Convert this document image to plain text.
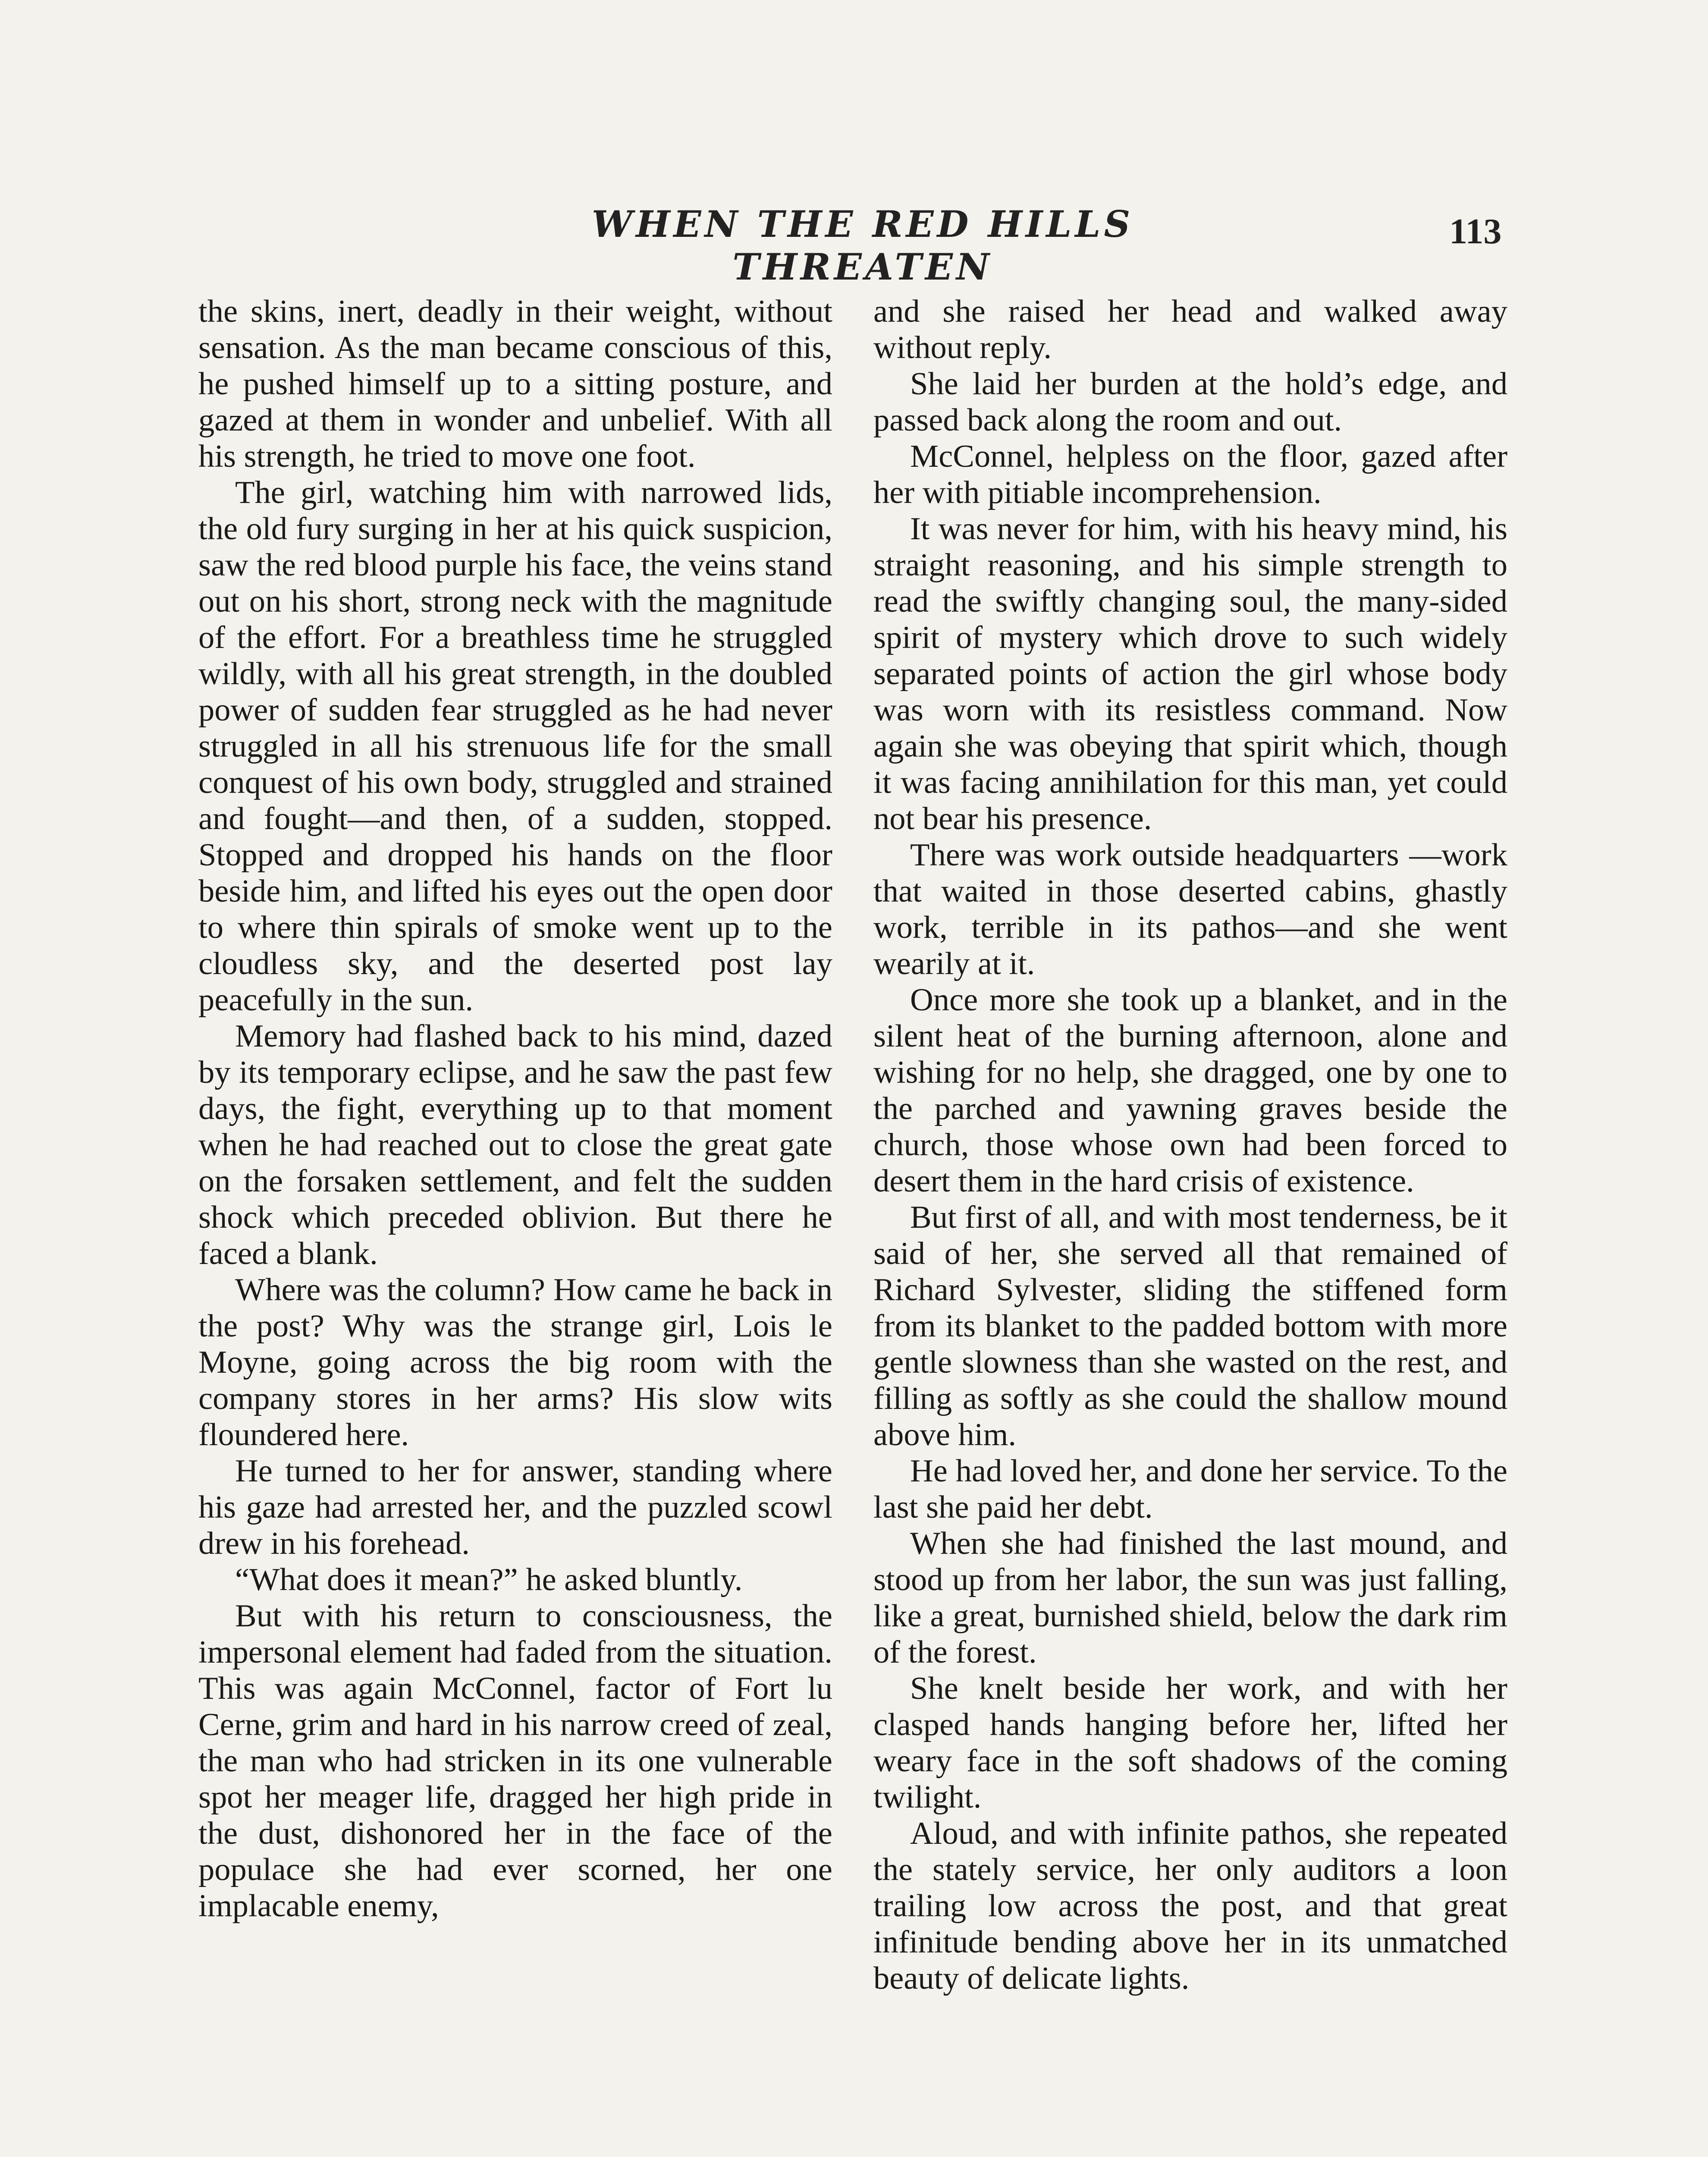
WHEN THE RED HILLS THREATEN
113

the skins, inert, deadly in their weight, without sensation. As the man became conscious of this, he pushed himself up to a sitting posture, and gazed at them in wonder and unbelief. With all his strength, he tried to move one foot.

The girl, watching him with narrowed lids, the old fury surging in her at his quick suspicion, saw the red blood purple his face, the veins stand out on his short, strong neck with the magnitude of the effort. For a breathless time he struggled wildly, with all his great strength, in the doubled power of sudden fear struggled as he had never struggled in all his strenuous life for the small conquest of his own body, struggled and strained and fought—and then, of a sudden, stopped. Stopped and dropped his hands on the floor beside him, and lifted his eyes out the open door to where thin spirals of smoke went up to the cloudless sky, and the deserted post lay peacefully in the sun.

Memory had flashed back to his mind, dazed by its temporary eclipse, and he saw the past few days, the fight, everything up to that moment when he had reached out to close the great gate on the forsaken settlement, and felt the sudden shock which preceded oblivion. But there he faced a blank.

Where was the column? How came he back in the post? Why was the strange girl, Lois le Moyne, going across the big room with the company stores in her arms? His slow wits floundered here.

He turned to her for answer, standing where his gaze had arrested her, and the puzzled scowl drew in his forehead.

“What does it mean?” he asked bluntly.

But with his return to consciousness, the impersonal element had faded from the situation. This was again McConnel, factor of Fort lu Cerne, grim and hard in his narrow creed of zeal, the man who had stricken in its one vulnerable spot her meager life, dragged her high pride in the dust, dishonored her in the face of the populace she had ever scorned, her one implacable enemy,

and she raised her head and walked away without reply.

She laid her burden at the hold’s edge, and passed back along the room and out.

McConnel, helpless on the floor, gazed after her with pitiable incomprehension.

It was never for him, with his heavy mind, his straight reasoning, and his simple strength to read the swiftly changing soul, the many-sided spirit of mystery which drove to such widely separated points of action the girl whose body was worn with its resistless command. Now again she was obeying that spirit which, though it was facing annihilation for this man, yet could not bear his presence.

There was work outside headquarters —work that waited in those deserted cabins, ghastly work, terrible in its pathos—and she went wearily at it.

Once more she took up a blanket, and in the silent heat of the burning afternoon, alone and wishing for no help, she dragged, one by one to the parched and yawning graves beside the church, those whose own had been forced to desert them in the hard crisis of existence.

But first of all, and with most tenderness, be it said of her, she served all that remained of Richard Sylvester, sliding the stiffened form from its blanket to the padded bottom with more gentle slowness than she wasted on the rest, and filling as softly as she could the shallow mound above him.

He had loved her, and done her service. To the last she paid her debt.

When she had finished the last mound, and stood up from her labor, the sun was just falling, like a great, burnished shield, below the dark rim of the forest.

She knelt beside her work, and with her clasped hands hanging before her, lifted her weary face in the soft shadows of the coming twilight.

Aloud, and with infinite pathos, she repeated the stately service, her only auditors a loon trailing low across the post, and that great infinitude bending above her in its unmatched beauty of delicate lights.
